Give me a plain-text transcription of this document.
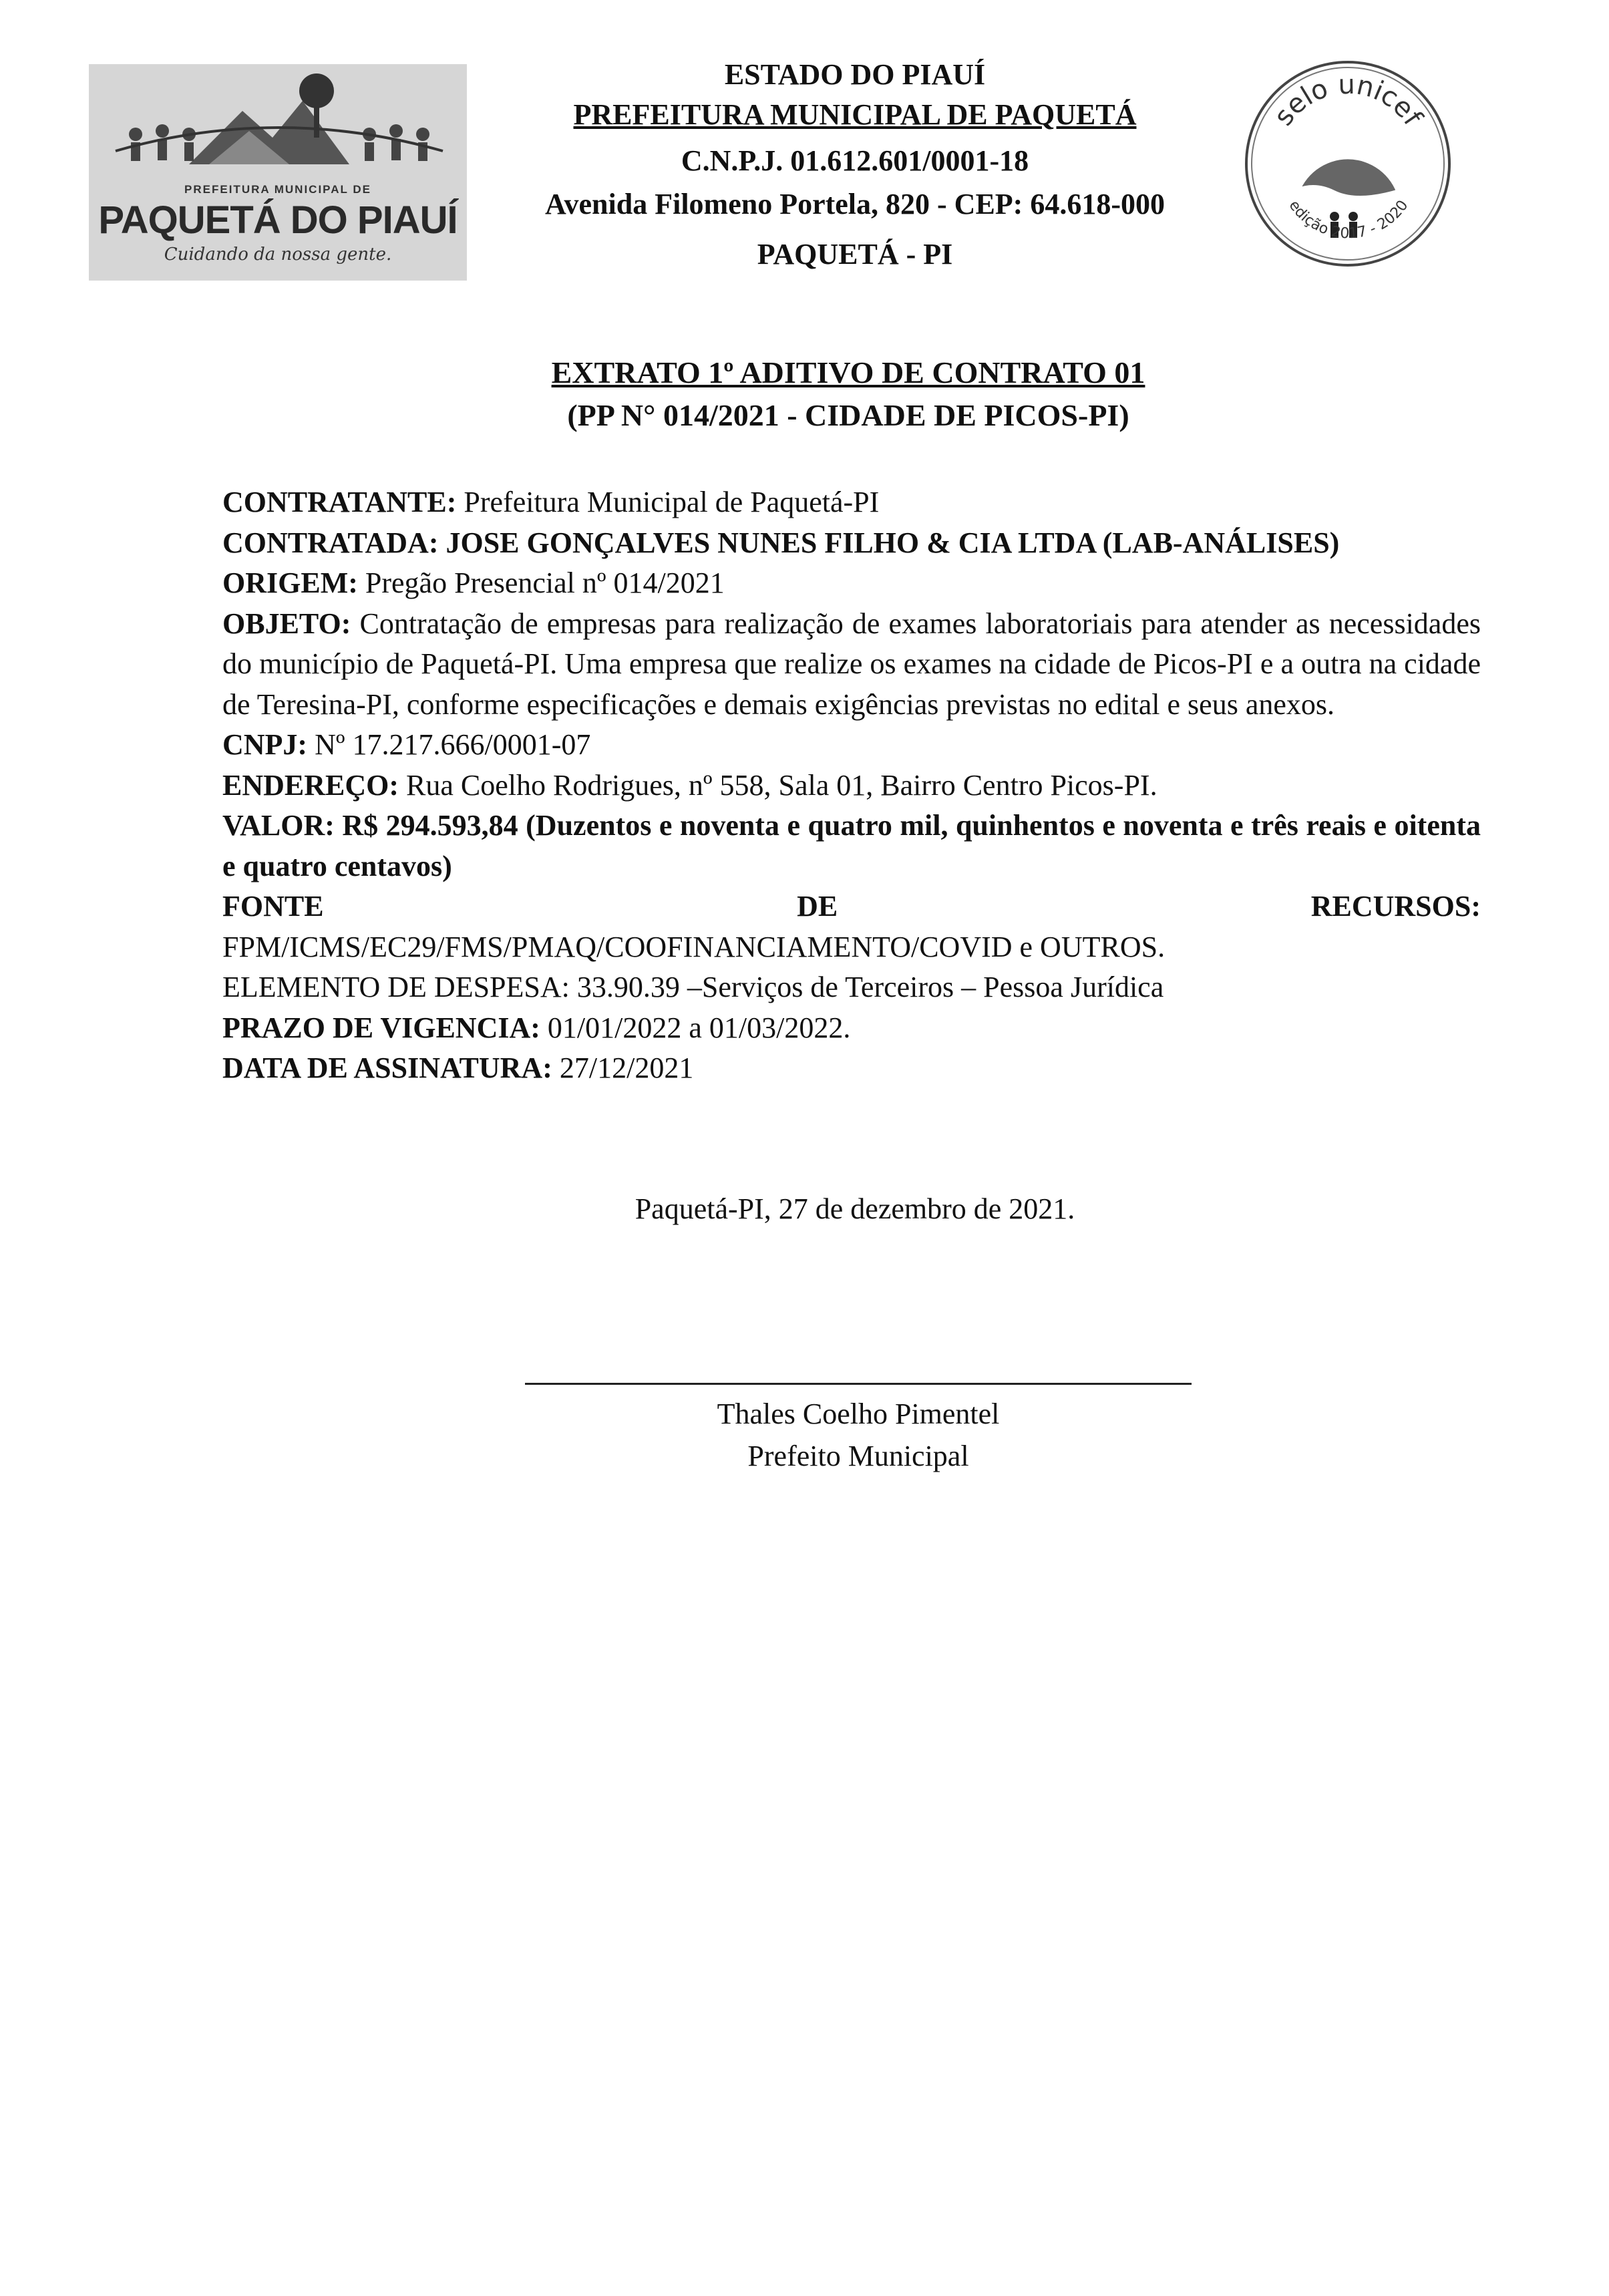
PREFEITURA MUNICIPAL DE
PAQUETÁ DO PIAUÍ
Cuidando da nossa gente.
ESTADO DO PIAUÍ
PREFEITURA MUNICIPAL DE PAQUETÁ
C.N.P.J. 01.612.601/0001-18
Avenida Filomeno Portela, 820 - CEP: 64.618-000
PAQUETÁ - PI
selo unicef
edição 2017 - 2020
EXTRATO 1º ADITIVO DE CONTRATO 01
(PP N° 014/2021 - CIDADE DE PICOS-PI)
CONTRATANTE: Prefeitura Municipal de Paquetá-PI
CONTRATADA: JOSE GONÇALVES NUNES FILHO & CIA LTDA (LAB-ANÁLISES)
ORIGEM: Pregão Presencial nº 014/2021
OBJETO: Contratação de empresas para realização de exames laboratoriais para atender as necessidades do município de Paquetá-PI. Uma empresa que realize os exames na cidade de Picos-PI e a outra na cidade de Teresina-PI, conforme especificações e demais exigências previstas no edital e seus anexos.
CNPJ: Nº 17.217.666/0001-07
ENDEREÇO: Rua Coelho Rodrigues, nº 558, Sala 01, Bairro Centro Picos-PI.
VALOR: R$ 294.593,84 (Duzentos e noventa e quatro mil, quinhentos e noventa e três reais e oitenta e quatro centavos)
FONTE	DE	RECURSOS:
FPM/ICMS/EC29/FMS/PMAQ/COOFINANCIAMENTO/COVID e OUTROS.
ELEMENTO DE DESPESA: 33.90.39 –Serviços de Terceiros – Pessoa Jurídica
PRAZO DE VIGENCIA: 01/01/2022 a 01/03/2022.
DATA DE ASSINATURA: 27/12/2021
Paquetá-PI, 27 de dezembro de 2021.
Thales Coelho Pimentel
Prefeito Municipal
